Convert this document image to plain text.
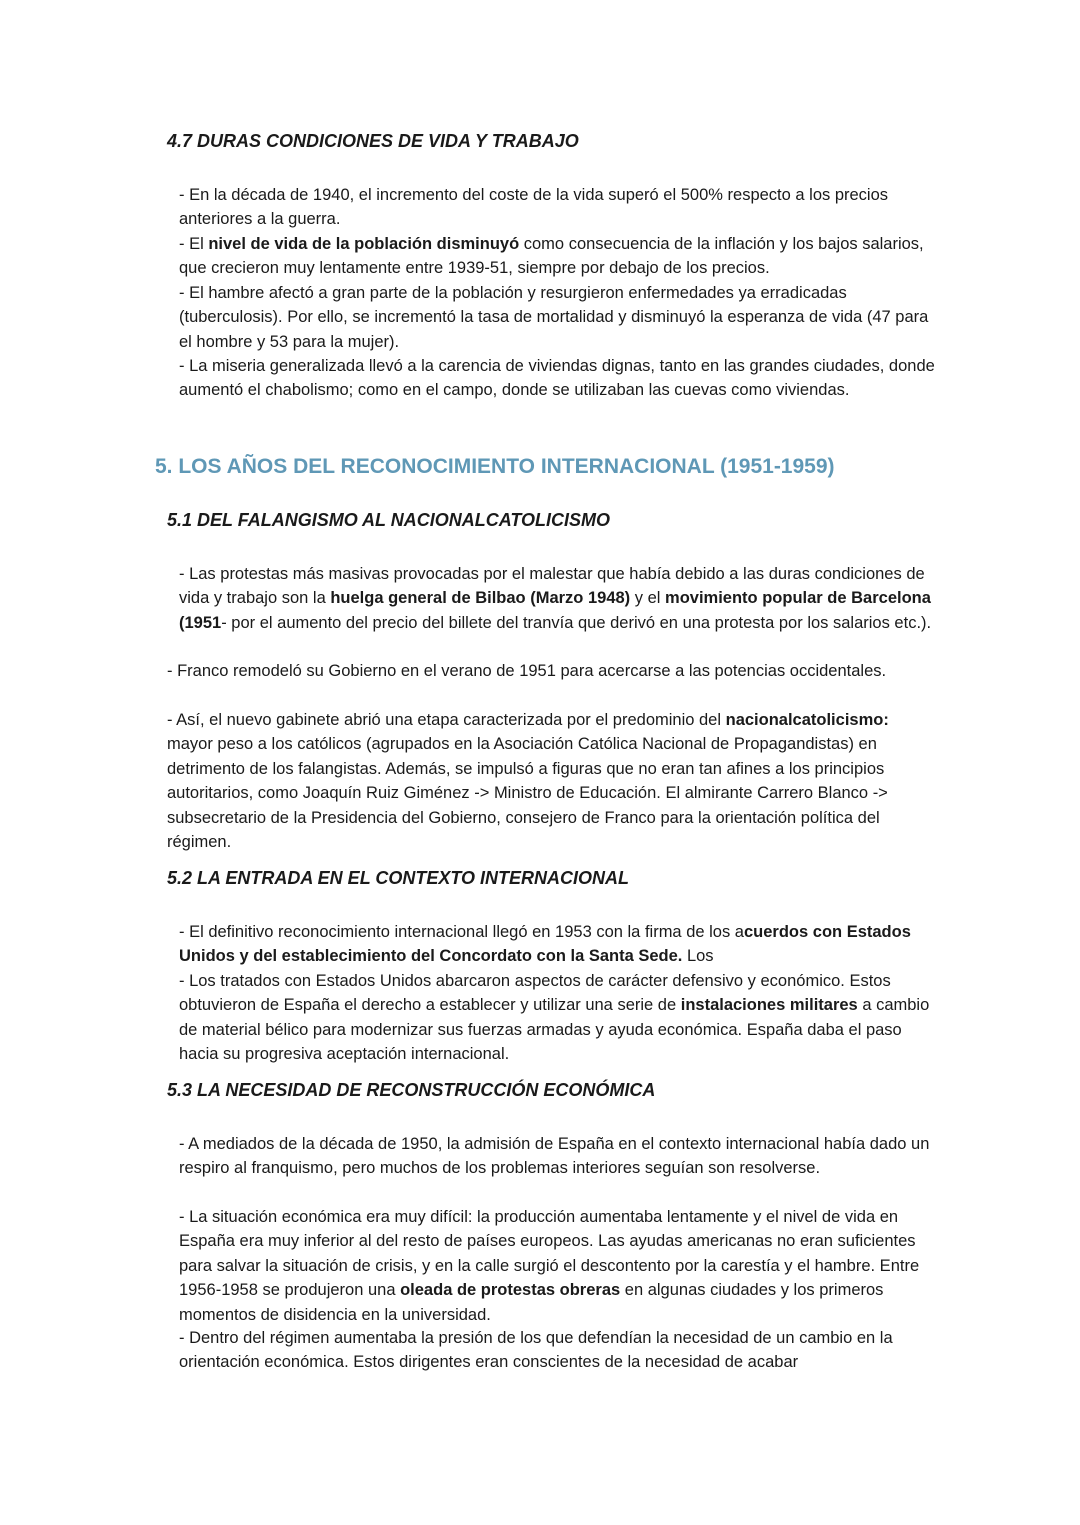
4.7 DURAS CONDICIONES DE VIDA Y TRABAJO

- En la década de 1940, el incremento del coste de la vida superó el 500% respecto a los precios anteriores a la guerra.

- El nivel de vida de la población disminuyó como consecuencia de la inflación y los bajos salarios, que crecieron muy lentamente entre 1939-51, siempre por debajo de los precios.

- El hambre afectó a gran parte de la población y resurgieron enfermedades ya erradicadas (tuberculosis). Por ello, se incrementó la tasa de mortalidad y disminuyó la esperanza de vida (47 para el hombre y 53 para la mujer).

- La miseria generalizada llevó a la carencia de viviendas dignas, tanto en las grandes ciudades, donde aumentó el chabolismo; como en el campo, donde se utilizaban las cuevas como viviendas.

5. LOS AÑOS DEL RECONOCIMIENTO INTERNACIONAL (1951-1959)
5.1 DEL FALANGISMO AL NACIONALCATOLICISMO

- Las protestas más masivas provocadas por el malestar que había debido a las duras condiciones de vida y trabajo son la huelga general de Bilbao (Marzo 1948) y el movimiento popular de Barcelona (1951- por el aumento del precio del billete del tranvía que derivó en una protesta por los salarios etc.).

- Franco remodeló su Gobierno en el verano de 1951 para acercarse a las potencias occidentales.

- Así, el nuevo gabinete abrió una etapa caracterizada por el predominio del nacionalcatolicismo: mayor peso a los católicos (agrupados en la Asociación Católica Nacional de Propagandistas) en detrimento de los falangistas. Además, se impulsó a figuras que no eran tan afines a los principios autoritarios, como Joaquín Ruiz Giménez -> Ministro de Educación. El almirante Carrero Blanco -> subsecretario de la Presidencia del Gobierno, consejero de Franco para la orientación política del régimen.

5.2 LA ENTRADA EN EL CONTEXTO INTERNACIONAL

- El definitivo reconocimiento internacional llegó en 1953 con la firma de los acuerdos con Estados Unidos y del establecimiento del Concordato con la Santa Sede. Los

- Los tratados con Estados Unidos abarcaron aspectos de carácter defensivo y económico. Estos obtuvieron de España el derecho a establecer y utilizar una serie de instalaciones militares a cambio de material bélico para modernizar sus fuerzas armadas y ayuda económica. España daba el paso hacia su progresiva aceptación internacional.

5.3 LA NECESIDAD DE RECONSTRUCCIÓN ECONÓMICA

- A mediados de la década de 1950, la admisión de España en el contexto internacional había dado un respiro al franquismo, pero muchos de los problemas interiores seguían son resolverse.

- La situación económica era muy difícil: la producción aumentaba lentamente y el nivel de vida en España era muy inferior al del resto de países europeos. Las ayudas americanas no eran suficientes para salvar la situación de crisis, y en la calle surgió el descontento por la carestía y el hambre. Entre 1956-1958 se produjeron una oleada de protestas obreras en algunas ciudades y los primeros momentos de disidencia en la universidad.

- Dentro del régimen aumentaba la presión de los que defendían la necesidad de un cambio en la orientación económica. Estos dirigentes eran conscientes de la necesidad de acabar
